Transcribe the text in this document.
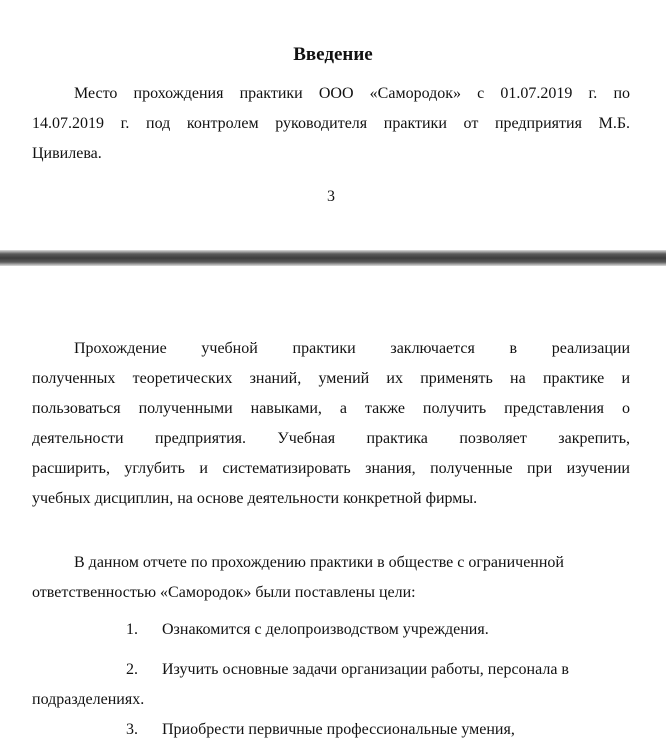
Введение
Место прохождения практики ООО «Самородок» с 01.07.2019 г. по
14.07.2019 г. под контролем руководителя практики от предприятия М.Б.
Цивилева.
3
Прохождение учебной практики заключается в реализации
полученных теоретических знаний, умений их применять на практике и
пользоваться полученными навыками, а также получить представления о
деятельности предприятия. Учебная практика позволяет закрепить,
расширить, углубить и систематизировать знания, полученные при изучении
учебных дисциплин, на основе деятельности конкретной фирмы.
В данном отчете по прохождению практики в обществе с ограниченной
ответственностью «Самородок» были поставлены цели:
1. Ознакомится с делопроизводством учреждения.
2. Изучить основные задачи организации работы, персонала в
подразделениях.
3. Приобрести первичные профессиональные умения,
